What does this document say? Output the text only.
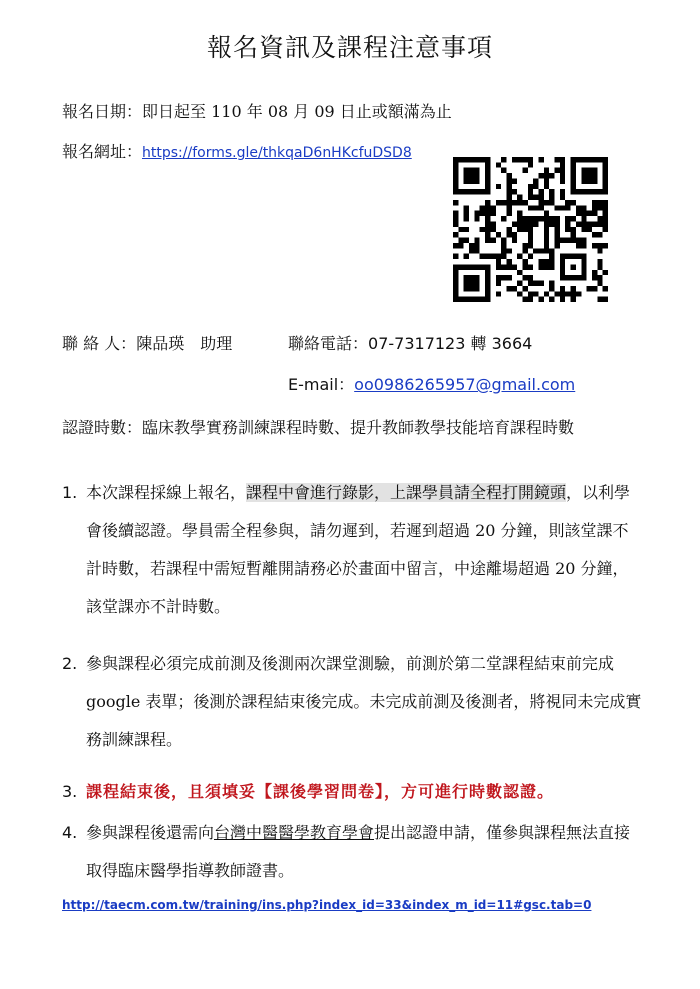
報名資訊及課程注意事項
報名日期：即日起至 110 年 08 月 09 日止或額滿為止
報名網址：https://forms.gle/thkqaD6nHKcfuDSD8
聯 絡 人：陳品瑛　助理	聯絡電話：07-7317123 轉 3664
E-mail：oo0986265957@gmail.com
認證時數：臨床教學實務訓練課程時數、提升教師教學技能培育課程時數
1. 本次課程採線上報名，課程中會進行錄影，上課學員請全程打開鏡頭，以利學會後續認證。學員需全程參與，請勿遲到，若遲到超過 20 分鐘，則該堂課不計時數，若課程中需短暫離開請務必於畫面中留言，中途離場超過 20 分鐘，該堂課亦不計時數。
2. 參與課程必須完成前測及後測兩次課堂測驗，前測於第二堂課程結束前完成 google 表單；後測於課程結束後完成。未完成前測及後測者，將視同未完成實務訓練課程。
3. 課程結束後，且須填妥【課後學習問卷】，方可進行時數認證。
4. 參與課程後還需向台灣中醫醫學教育學會提出認證申請，僅參與課程無法直接取得臨床醫學指導教師證書。
http://taecm.com.tw/training/ins.php?index_id=33&index_m_id=11#gsc.tab=0
